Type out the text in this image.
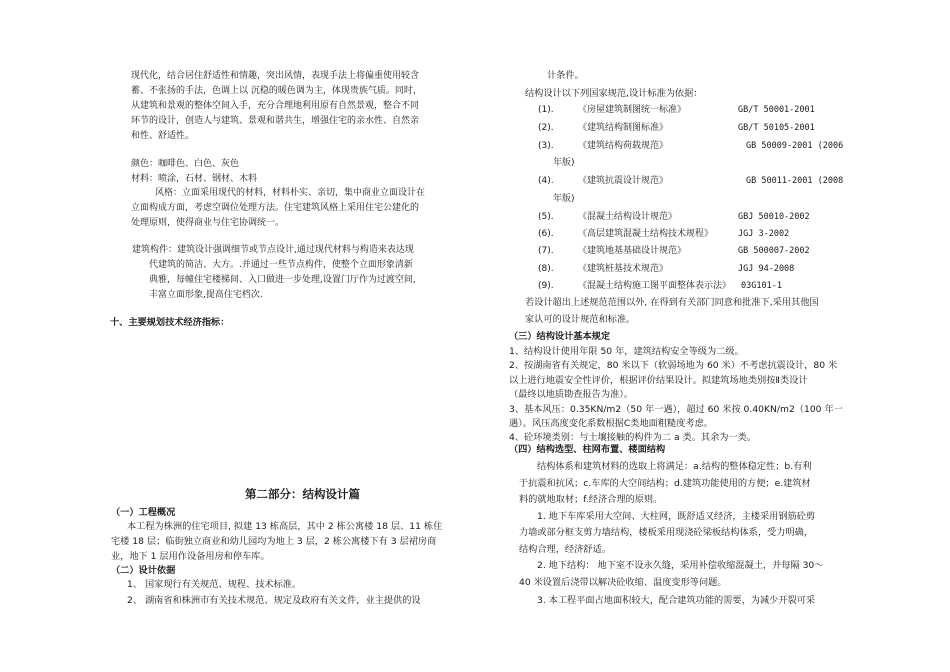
现代化，结合居住舒适性和情趣，突出风情，表现手法上将偏重使用较含
蓄、不张扬的手法，色调上以 沉稳的暖色调为主，体现贵族气质。同时，
从建筑和景观的整体空间入手，充分合理地利用原有自然景观，整合不同
环节的设计，创造人与建筑、景观和谐共生，增强住宅的亲水性、自然亲
和性、舒适性。
颜色：咖啡色、白色、灰色
材料：喷涂，石材、钢材、木料
风格：立面采用现代的材料，材料朴实、亲切，集中商业立面设计在
立面构成方面，考虑空调位处理方法。住宅建筑风格上采用住宅公建化的
处理原则，使得商业与住宅协调统一。
建筑构件：建筑设计强调细节或节点设计,通过现代材料与构造来表达现
代建筑的简洁、大方。.并通过一些节点构件，使整个立面形象清新
典雅，每幢住宅楼梯间、入口做进一步处理,设置门厅作为过渡空间,
丰富立面形象,提高住宅档次.
十、主要规划技术经济指标：
第二部分：结构设计篇
（一）工程概况
本工程为株洲的住宅项目, 拟建 13 栋高层，其中 2 栋公寓楼 18 层、11 栋住
宅楼 18 层；临街独立商业和幼儿园均为地上 3 层，2 栋公寓楼下有 3 层裙房商
业，地下 1 层用作设备用房和停车库。
（二）设计依据
1、 国家现行有关规范、规程、技术标准。
2、 湖南省和株洲市有关技术规范、规定及政府有关文件，业主提供的设
计条件。
结构设计以下列国家规范,设计标准为依据：
(1).	《房屋建筑制图统一标准》	GB/T 50001-2001
(2).	《建筑结构制图标准》	GB/T 50105-2001
(3).	《建筑结构荷载规范》	GB 50009-2001 (2006
年版)
(4).	《建筑抗震设计规范》	GB 50011-2001 (2008
年版)
(5).	《混凝土结构设计规范》	GBJ 50010-2002
(6).	《高层建筑混凝土结构技术规程》	JGJ 3-2002
(7).	《建筑地基基础设计规范》	GB 500007-2002
(8).	《建筑桩基技术规范》	JGJ 94-2008
(9).	《混凝土结构施工图平面整体表示法》 03G101-1
若设计超出上述规范范围以外, 在得到有关部门同意和批准下,采用其他国
家认可的设计规范和标准。
（三）结构设计基本规定
1、结构设计使用年限 50 年，建筑结构安全等级为二级。
2、按湖南省有关规定，80 米以下（软弱场地为 60 米）不考虑抗震设计，80 米
以上进行地震安全性评价，根据评价结果设计。拟建筑场地类别按Ⅱ类设计
（最终以地质勘查报告为准）。
3、基本风压：0.35KN/m2（50 年一遇），超过 60 米按 0.40KN/m2（100 年一
遇）。风压高度变化系数根据C类地面粗糙度考虑。
4、砼环境类别：与土壤接触的构件为二 a 类。其余为一类。
（四）结构选型、柱网布置、楼面结构
结构体系和建筑材料的选取上将满足：a.结构的整体稳定性；b.有利
于抗震和抗风；c.车库的大空间结构；d.建筑功能使用的方便；e.建筑材
料的就地取材；f.经济合理的原则。
1. 地下车库采用大空间、大柱网，既舒适又经济，主楼采用钢筋砼剪
力墙或部分框支剪力墙结构，楼板采用现浇砼梁板结构体系，受力明确，
结构合理，经济舒适。
2. 地下结构： 地下室不设永久缝，采用补偿收缩混凝土，并每隔 30～
40 米设置后浇带以解决砼收缩、温度变形等问题。
3. 本工程平面占地面积较大，配合建筑功能的需要，为减少开裂可采
